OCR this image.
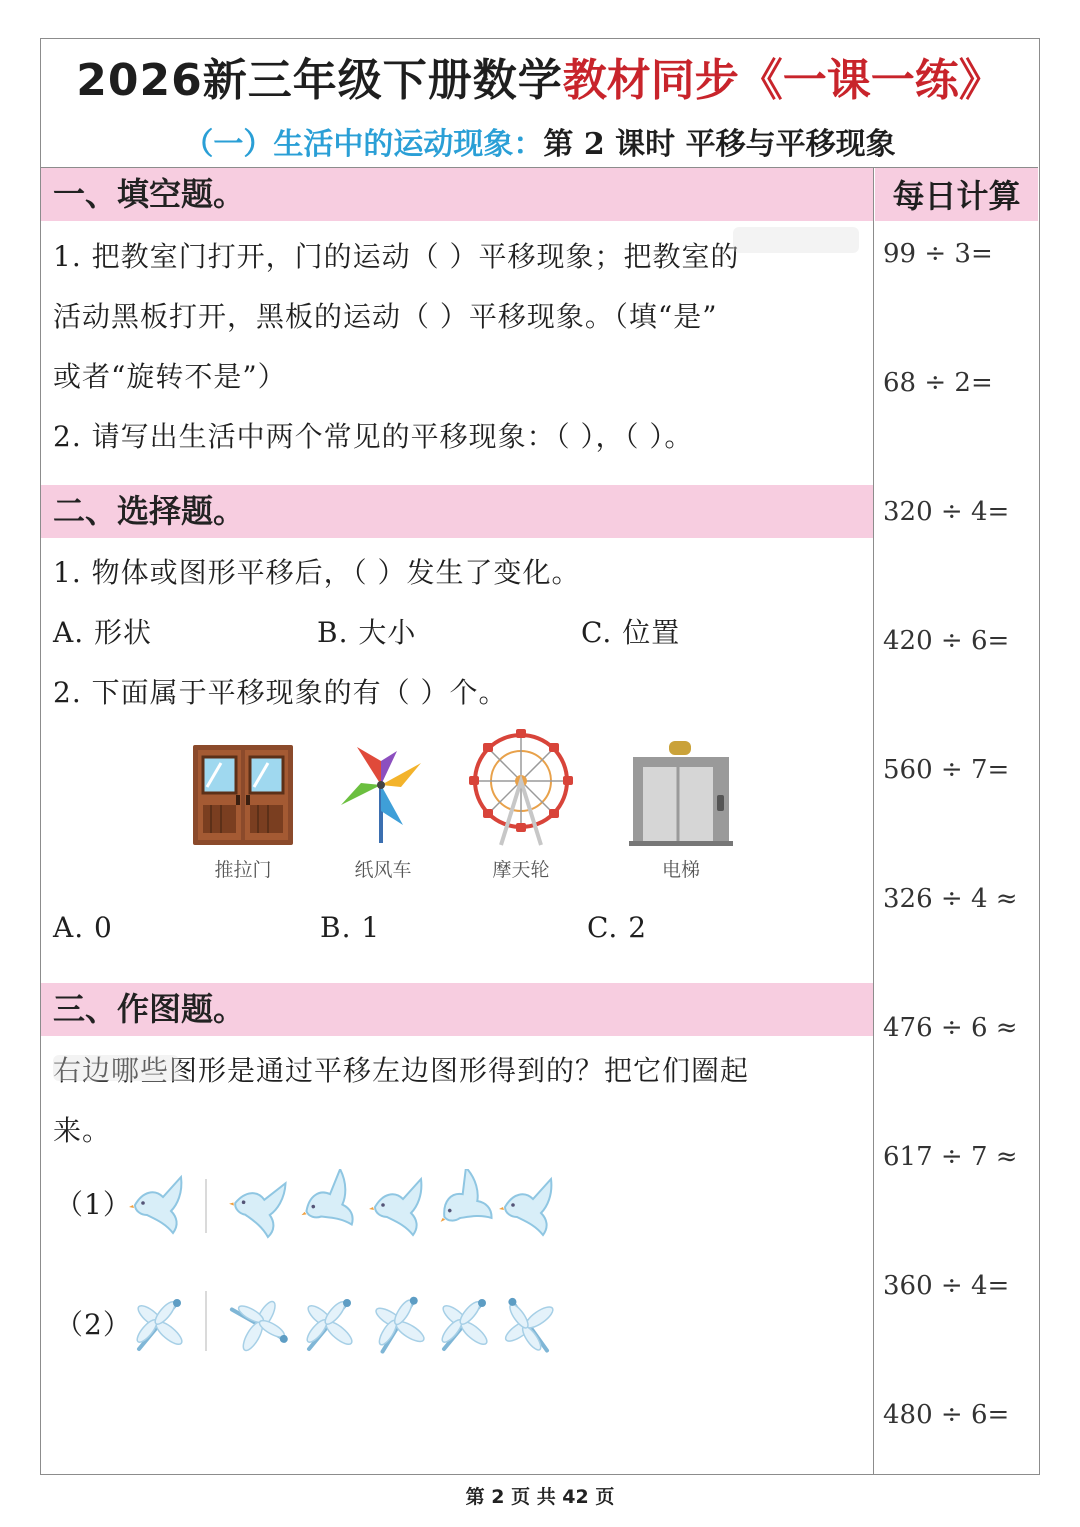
2026新三年级下册数学教材同步《一课一练》
（一）生活中的运动现象：第 2 课时 平移与平移现象
每日计算
99 ÷ 3=
68 ÷ 2=
320 ÷ 4=
420 ÷ 6=
560 ÷ 7=
326 ÷ 4 ≈
476 ÷ 6 ≈
617 ÷ 7 ≈
360 ÷ 4=
480 ÷ 6=
一、填空题。
1. 把教室门打开，门的运动（ ）平移现象；把教室的
活动黑板打开，黑板的运动（ ）平移现象。（填“是”
或者“旋转不是”）
2. 请写出生活中两个常见的平移现象：（ ），（ ）。
二、选择题。
1. 物体或图形平移后，（ ）发生了变化。
A. 形状	B. 大小	C. 位置
2. 下面属于平移现象的有（ ）个。
推拉门	纸风车	摩天轮	电梯
A. 0	B. 1	C. 2
三、作图题。
右边哪些图形是通过平移左边图形得到的？把它们圈起
来。
（1）
（2）
第 2 页 共 42 页
